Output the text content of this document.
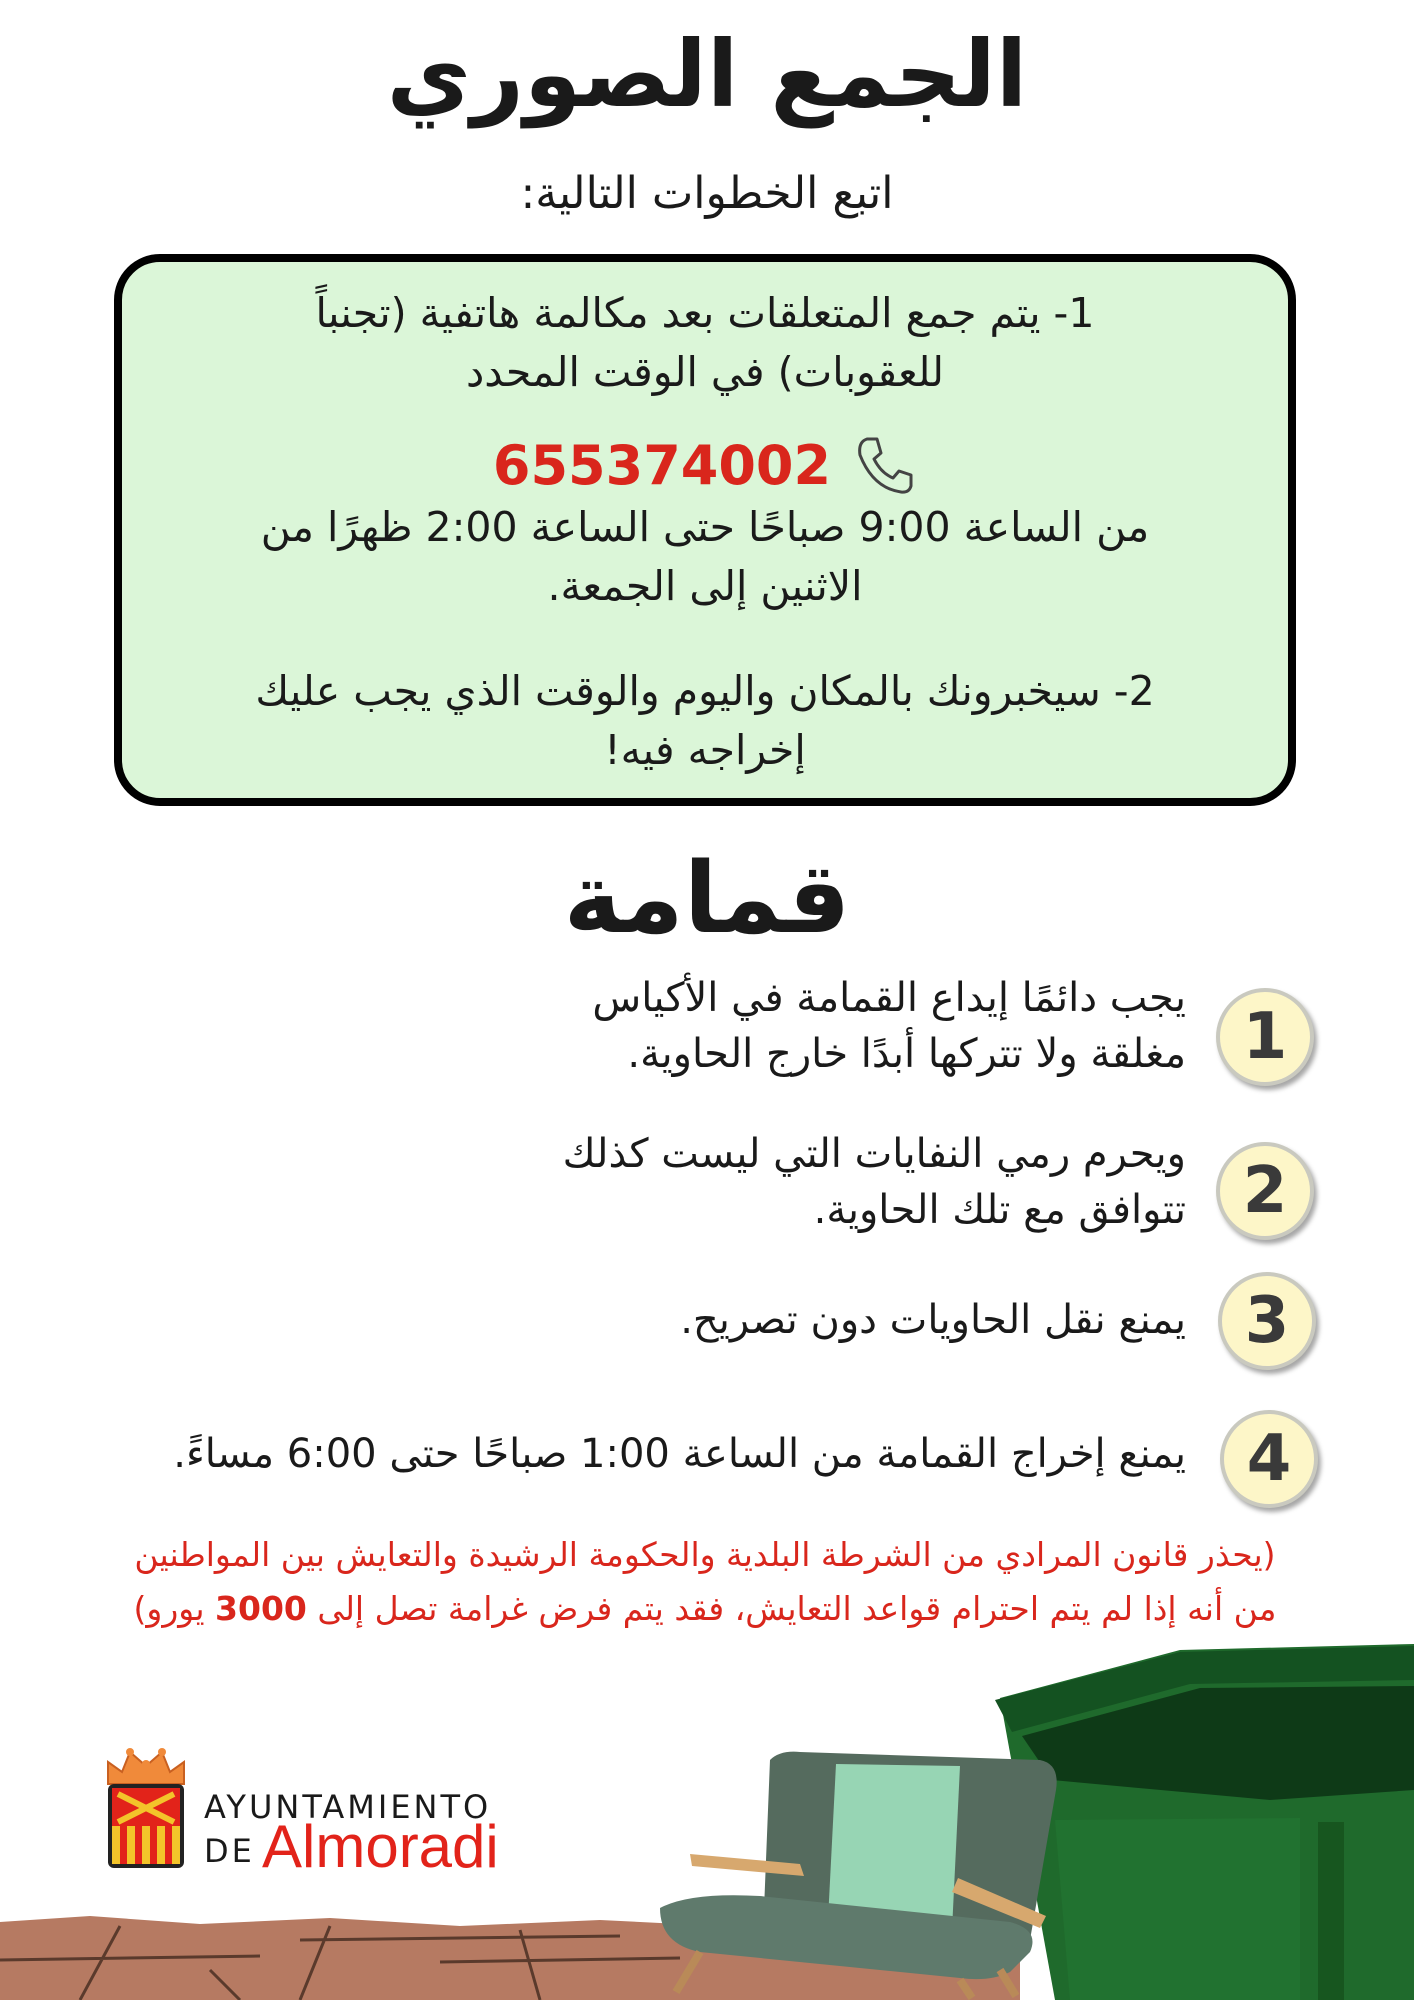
الجمع الصوري
اتبع الخطوات التالية:
1- يتم جمع المتعلقات بعد مكالمة هاتفية (تجنباً
للعقوبات) في الوقت المحدد
655374002
من الساعة 9:00 صباحًا حتى الساعة 2:00 ظهرًا من
الاثنين إلى الجمعة.
2- سيخبرونك بالمكان واليوم والوقت الذي يجب عليك
إخراجه فيه!
قمامة
1
يجب دائمًا إيداع القمامة في الأكياس
مغلقة ولا تتركها أبدًا خارج الحاوية.
2
ويحرم رمي النفايات التي ليست كذلك
تتوافق مع تلك الحاوية.
3
يمنع نقل الحاويات دون تصريح.
4
يمنع إخراج القمامة من الساعة 1:00 صباحًا حتى 6:00 مساءً.
(يحذر قانون المرادي من الشرطة البلدية والحكومة الرشيدة والتعايش بين المواطنين
من أنه إذا لم يتم احترام قواعد التعايش، فقد يتم فرض غرامة تصل إلى 3000 يورو)
AYUNTAMIENTO
DE Almoradi
